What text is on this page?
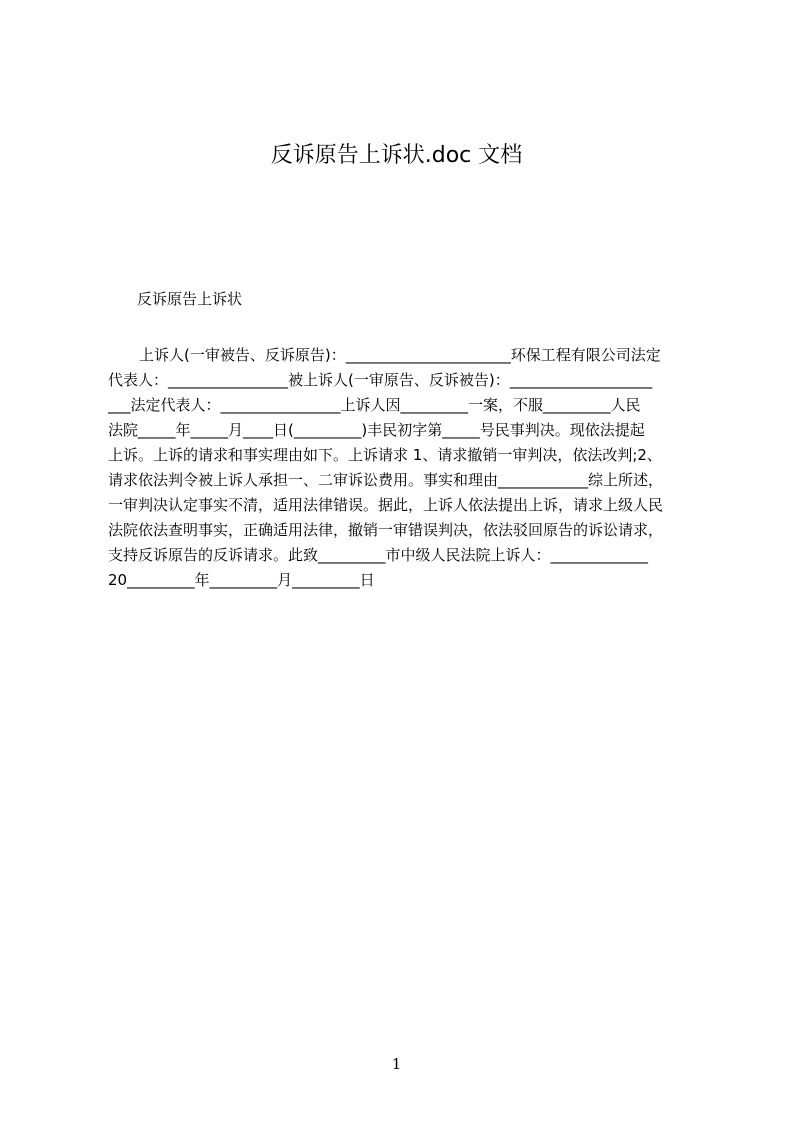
反诉原告上诉状.doc 文档

反诉原告上诉状

上诉人(一审被告、反诉原告)：______________________环保工程有限公司法定
代表人：________________被上诉人(一审原告、反诉被告)：___________________
___法定代表人：________________上诉人因_________一案，不服_________人民
法院_____年_____月____日(_________)丰民初字第_____号民事判决。现依法提起
上诉。上诉的请求和事实理由如下。上诉请求 1、请求撤销一审判决，依法改判;2、
请求依法判令被上诉人承担一、二审诉讼费用。事实和理由____________综上所述，
一审判决认定事实不清，适用法律错误。据此，上诉人依法提出上诉，请求上级人民
法院依法查明事实，正确适用法律，撤销一审错误判决，依法驳回原告的诉讼请求，
支持反诉原告的反诉请求。此致_________市中级人民法院上诉人：_____________
20_________年_________月_________日
1
